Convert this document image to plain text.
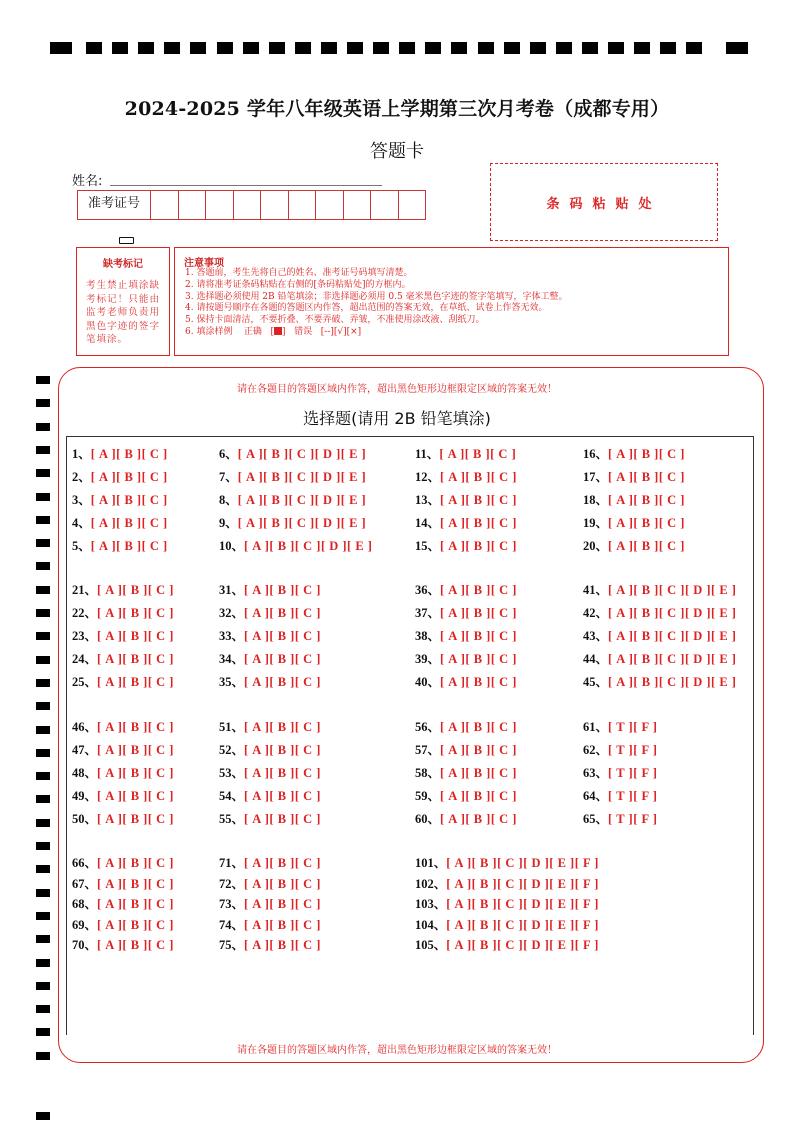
2024-2025 学年八年级英语上学期第三次月考卷（成都专用）
答题卡
姓名:
准考证号	条码粘贴处
缺考标记
考生禁止填涂缺考标记！只能由监考老师负责用黑色字迹的签字笔填涂。
注意事项
1. 答题前，考生先将自己的姓名、准考证号码填写清楚。
2. 请将准考证条码粘贴在右侧的[条码粘贴处]的方框内。
3. 选择题必须使用 2B 铅笔填涂；非选择题必须用 0.5 毫米黑色字迹的签字笔填写，字体工整。
4. 请按题号顺序在各题的答题区内作答，超出范围的答案无效，在草纸、试卷上作答无效。
5. 保持卡面清洁，不要折叠、不要弄破、弄皱，不准使用涂改液、刮纸刀。
6. 填涂样例 正确 [ ] 错误 [--][√][×]
请在各题目的答题区域内作答，超出黑色矩形边框限定区域的答案无效！
选择题(请用 2B 铅笔填涂)
请在各题目的答题区域内作答，超出黑色矩形边框限定区域的答案无效！
1、[ A ][ B ][ C ]
2、[ A ][ B ][ C ]
3、[ A ][ B ][ C ]
4、[ A ][ B ][ C ]
5、[ A ][ B ][ C ]
6、[ A ][ B ][ C ][ D ][ E ]
7、[ A ][ B ][ C ][ D ][ E ]
8、[ A ][ B ][ C ][ D ][ E ]
9、[ A ][ B ][ C ][ D ][ E ]
10、[ A ][ B ][ C ][ D ][ E ]
11、[ A ][ B ][ C ]
12、[ A ][ B ][ C ]
13、[ A ][ B ][ C ]
14、[ A ][ B ][ C ]
15、[ A ][ B ][ C ]
16、[ A ][ B ][ C ]
17、[ A ][ B ][ C ]
18、[ A ][ B ][ C ]
19、[ A ][ B ][ C ]
20、[ A ][ B ][ C ]
21、[ A ][ B ][ C ]
22、[ A ][ B ][ C ]
23、[ A ][ B ][ C ]
24、[ A ][ B ][ C ]
25、[ A ][ B ][ C ]
31、[ A ][ B ][ C ]
32、[ A ][ B ][ C ]
33、[ A ][ B ][ C ]
34、[ A ][ B ][ C ]
35、[ A ][ B ][ C ]
36、[ A ][ B ][ C ]
37、[ A ][ B ][ C ]
38、[ A ][ B ][ C ]
39、[ A ][ B ][ C ]
40、[ A ][ B ][ C ]
41、[ A ][ B ][ C ][ D ][ E ]
42、[ A ][ B ][ C ][ D ][ E ]
43、[ A ][ B ][ C ][ D ][ E ]
44、[ A ][ B ][ C ][ D ][ E ]
45、[ A ][ B ][ C ][ D ][ E ]
46、[ A ][ B ][ C ]
47、[ A ][ B ][ C ]
48、[ A ][ B ][ C ]
49、[ A ][ B ][ C ]
50、[ A ][ B ][ C ]
51、[ A ][ B ][ C ]
52、[ A ][ B ][ C ]
53、[ A ][ B ][ C ]
54、[ A ][ B ][ C ]
55、[ A ][ B ][ C ]
56、[ A ][ B ][ C ]
57、[ A ][ B ][ C ]
58、[ A ][ B ][ C ]
59、[ A ][ B ][ C ]
60、[ A ][ B ][ C ]
61、[ T ][ F ]
62、[ T ][ F ]
63、[ T ][ F ]
64、[ T ][ F ]
65、[ T ][ F ]
66、[ A ][ B ][ C ]
67、[ A ][ B ][ C ]
68、[ A ][ B ][ C ]
69、[ A ][ B ][ C ]
70、[ A ][ B ][ C ]
71、[ A ][ B ][ C ]
72、[ A ][ B ][ C ]
73、[ A ][ B ][ C ]
74、[ A ][ B ][ C ]
75、[ A ][ B ][ C ]
101、[ A ][ B ][ C ][ D ][ E ][ F ]
102、[ A ][ B ][ C ][ D ][ E ][ F ]
103、[ A ][ B ][ C ][ D ][ E ][ F ]
104、[ A ][ B ][ C ][ D ][ E ][ F ]
105、[ A ][ B ][ C ][ D ][ E ][ F ]
